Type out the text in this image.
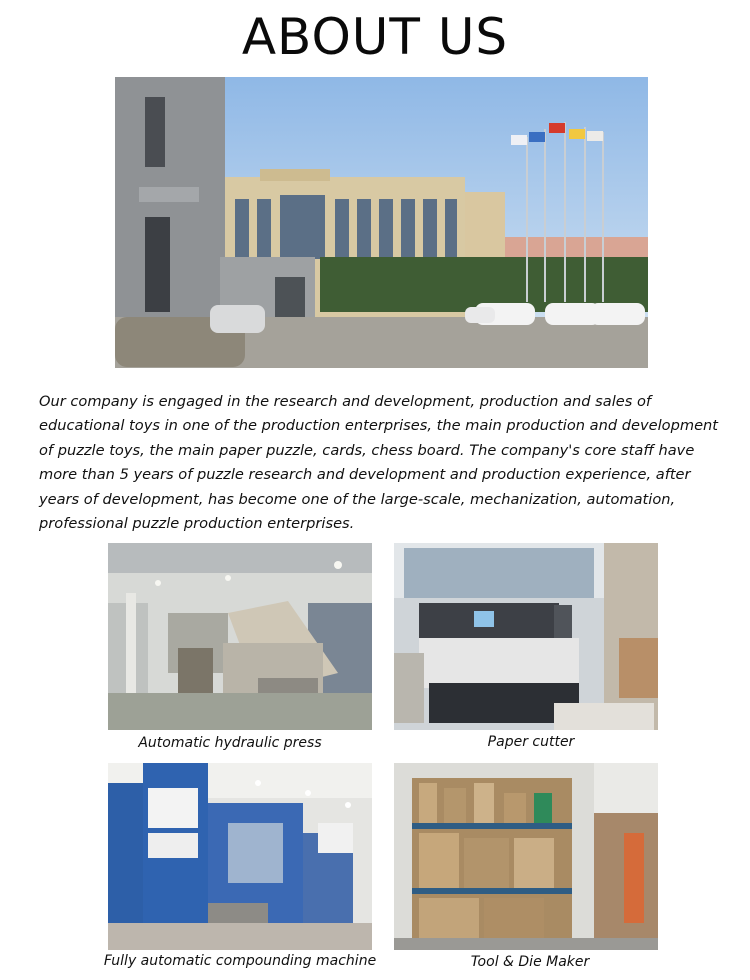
ABOUT US

Our company is engaged in the research and development, production and sales of educational toys in one of the production enterprises, the main production and development of puzzle toys, the main paper puzzle, cards, chess board. The company's core staff have more than 5 years of puzzle research and development and production experience, after years of development, has become one of the large-scale, mechanization, automation, professional puzzle production enterprises.

Automatic hydraulic press	Paper cutter
Fully automatic compounding machine	Tool & Die Maker
